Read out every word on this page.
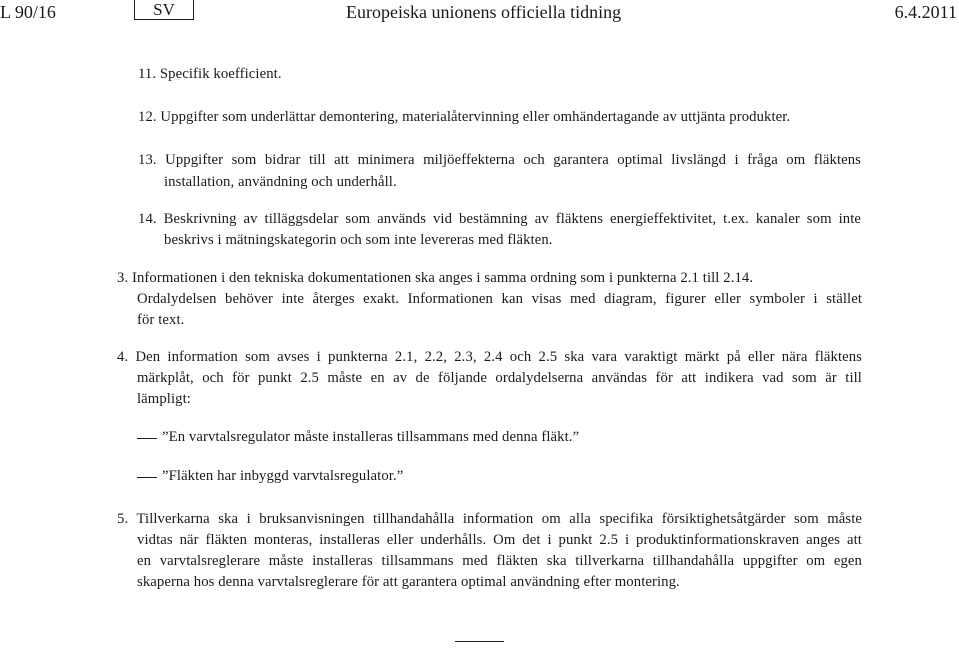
L 90/16	SV	Europeiska unionens officiella tidning	6.4.2011
11. Specifik koefficient.
12. Uppgifter som underlättar demontering, materialåtervinning eller omhändertagande av uttjänta produkter.
13. Uppgifter som bidrar till att minimera miljöeffekterna och garantera optimal livslängd i fråga om fläktens
installation, användning och underhåll.
14. Beskrivning av tilläggsdelar som används vid bestämning av fläktens energieffektivitet, t.ex. kanaler som inte
beskrivs i mätningskategorin och som inte levereras med fläkten.
3. Informationen i den tekniska dokumentationen ska anges i samma ordning som i punkterna 2.1 till 2.14.
Ordalydelsen behöver inte återges exakt. Informationen kan visas med diagram, figurer eller symboler i stället
för text.
4. Den information som avses i punkterna 2.1, 2.2, 2.3, 2.4 och 2.5 ska vara varaktigt märkt på eller nära fläktens
märkplåt, och för punkt 2.5 måste en av de följande ordalydelserna användas för att indikera vad som är till
lämpligt:
”En varvtalsregulator måste installeras tillsammans med denna fläkt.”
”Fläkten har inbyggd varvtalsregulator.”
5. Tillverkarna ska i bruksanvisningen tillhandahålla information om alla specifika försiktighetsåtgärder som måste
vidtas när fläkten monteras, installeras eller underhålls. Om det i punkt 2.5 i produktinformationskraven anges att
en varvtalsreglerare måste installeras tillsammans med fläkten ska tillverkarna tillhandahålla uppgifter om egen
skaperna hos denna varvtalsreglerare för att garantera optimal användning efter montering.
